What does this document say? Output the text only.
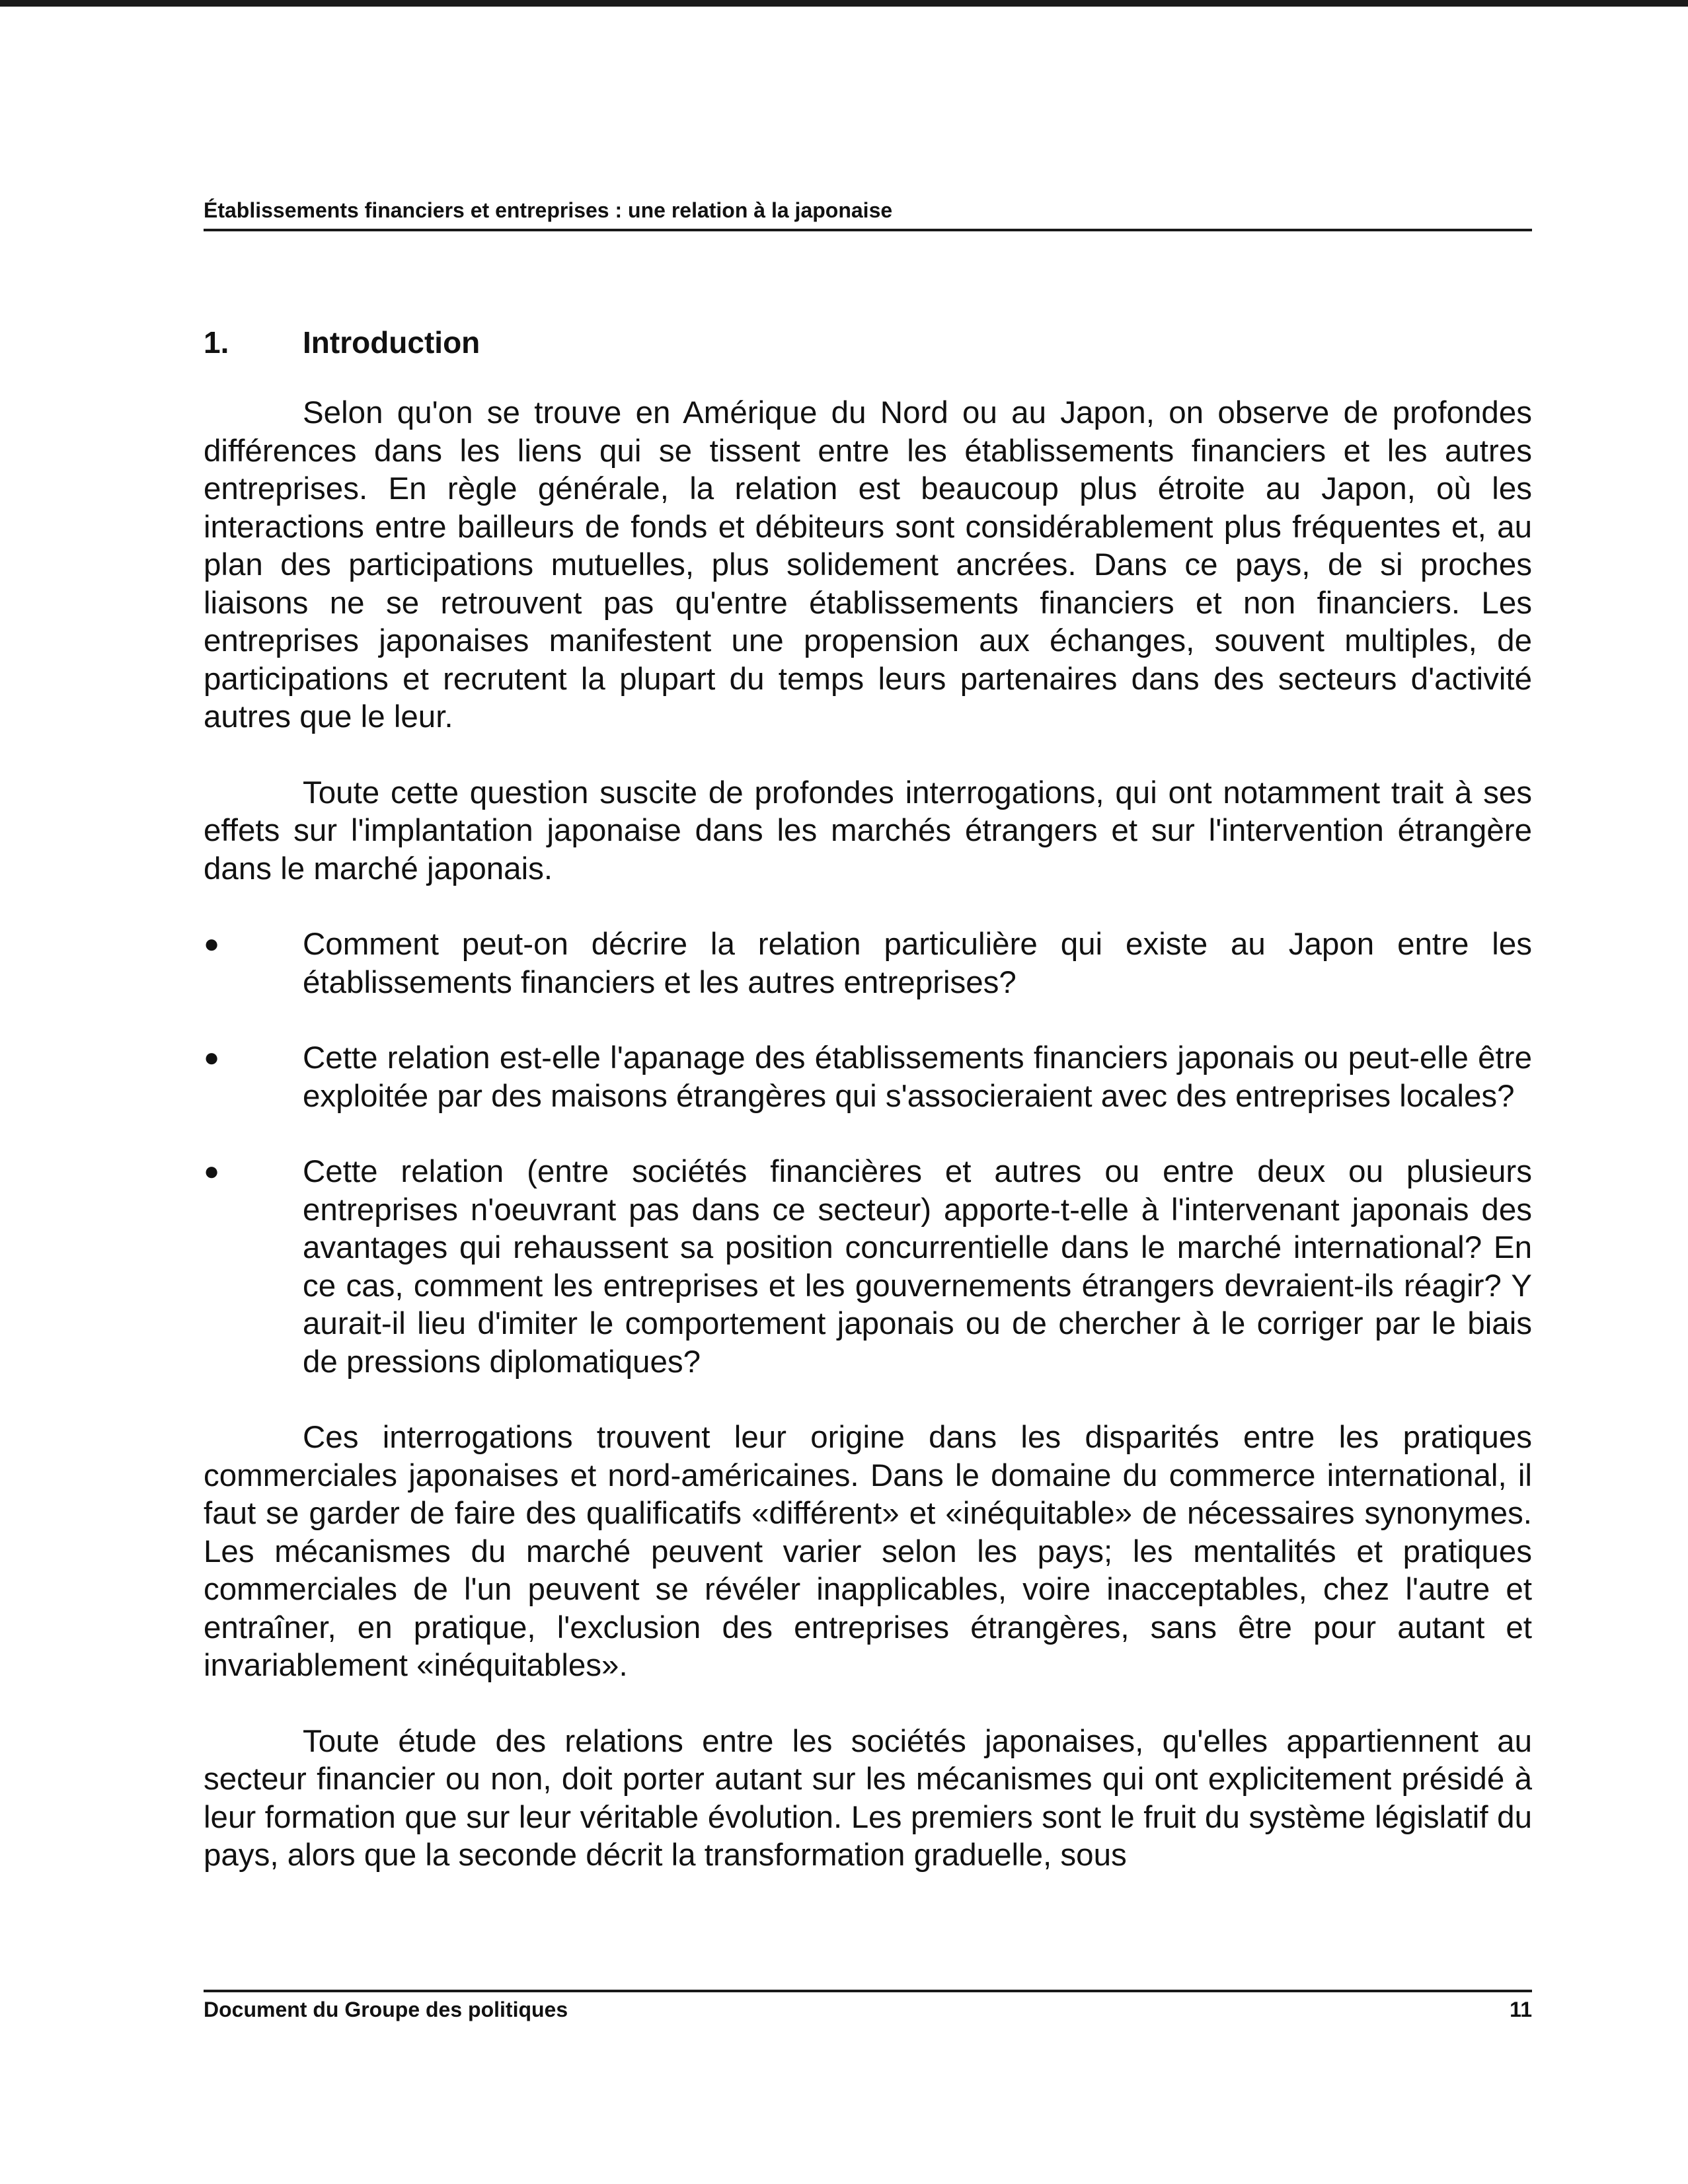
Établissements financiers et entreprises : une relation à la japonaise
1.	Introduction

Selon qu'on se trouve en Amérique du Nord ou au Japon, on observe de profondes différences dans les liens qui se tissent entre les établissements financiers et les autres entreprises. En règle générale, la relation est beaucoup plus étroite au Japon, où les interactions entre bailleurs de fonds et débiteurs sont considérablement plus fréquentes et, au plan des participations mutuelles, plus solidement ancrées. Dans ce pays, de si proches liaisons ne se retrouvent pas qu'entre établissements financiers et non financiers. Les entreprises japonaises manifestent une propension aux échanges, souvent multiples, de participations et recrutent la plupart du temps leurs partenaires dans des secteurs d'activité autres que le leur.

Toute cette question suscite de profondes interrogations, qui ont notamment trait à ses effets sur l'implantation japonaise dans les marchés étrangers et sur l'intervention étrangère dans le marché japonais.

●	Comment peut-on décrire la relation particulière qui existe au Japon entre les établissements financiers et les autres entreprises?
●	Cette relation est-elle l'apanage des établissements financiers japonais ou peut-elle être exploitée par des maisons étrangères qui s'associeraient avec des entreprises locales?
●	Cette relation (entre sociétés financières et autres ou entre deux ou plusieurs entreprises n'oeuvrant pas dans ce secteur) apporte-t-elle à l'intervenant japonais des avantages qui rehaussent sa position concurrentielle dans le marché international? En ce cas, comment les entreprises et les gouvernements étrangers devraient-ils réagir? Y aurait-il lieu d'imiter le comportement japonais ou de chercher à le corriger par le biais de pressions diplomatiques?

Ces interrogations trouvent leur origine dans les disparités entre les pratiques commerciales japonaises et nord-américaines. Dans le domaine du commerce international, il faut se garder de faire des qualificatifs «différent» et «inéquitable» de nécessaires synonymes. Les mécanismes du marché peuvent varier selon les pays; les mentalités et pratiques commerciales de l'un peuvent se révéler inapplicables, voire inacceptables, chez l'autre et entraîner, en pratique, l'exclusion des entreprises étrangères, sans être pour autant et invariablement «inéquitables».

Toute étude des relations entre les sociétés japonaises, qu'elles appartiennent au secteur financier ou non, doit porter autant sur les mécanismes qui ont explicitement présidé à leur formation que sur leur véritable évolution. Les premiers sont le fruit du système législatif du pays, alors que la seconde décrit la transformation graduelle, sous

Document du Groupe des politiques	11
